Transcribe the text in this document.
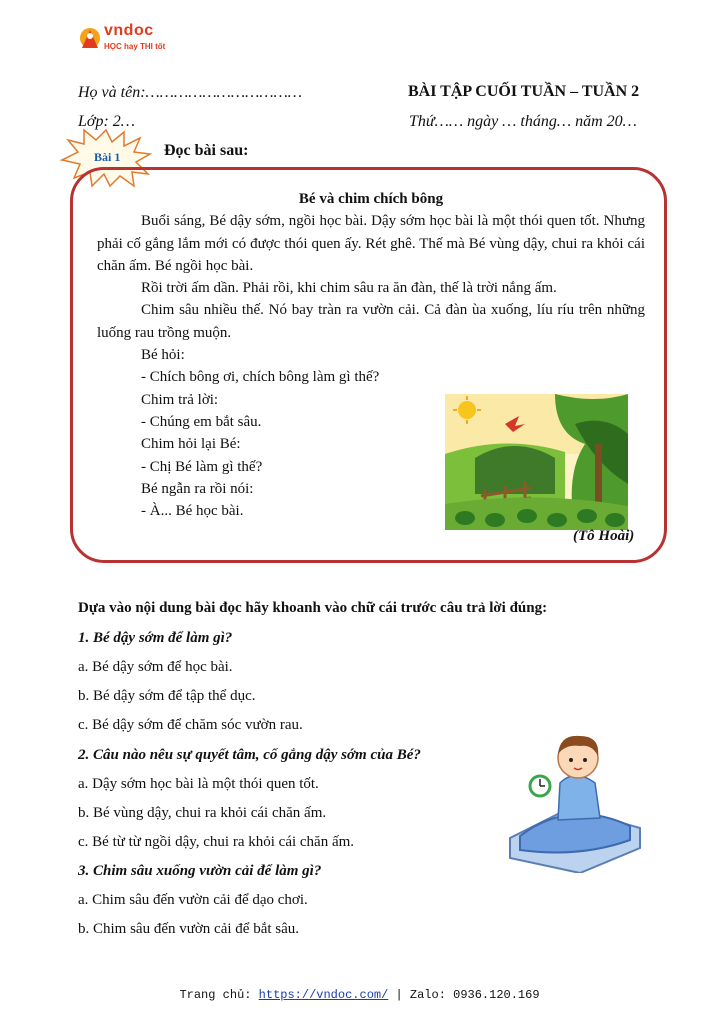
vndoc
HỌC hay THI tốt
Họ và tên:……………………………	BÀI TẬP CUỐI TUẦN – TUẦN 2
Lớp: 2…	Thứ…… ngày … tháng… năm 20…
Bài 1	Đọc bài sau:

Bé và chim chích bông

Buổi sáng, Bé dậy sớm, ngồi học bài. Dậy sớm học bài là một thói quen tốt. Nhưng phải cố gắng lắm mới có được thói quen ấy. Rét ghê. Thế mà Bé vùng dậy, chui ra khỏi cái chăn ấm. Bé ngồi học bài.

Rồi trời ấm dần. Phải rồi, khi chim sâu ra ăn đàn, thế là trời nắng ấm.

Chim sâu nhiều thế. Nó bay tràn ra vườn cải. Cả đàn ùa xuống, líu ríu trên những luống rau trồng muộn.

Bé hỏi:

- Chích bông ơi, chích bông làm gì thế?

Chim trả lời:

- Chúng em bắt sâu.

Chim hỏi lại Bé:

- Chị Bé làm gì thế?

Bé ngẫn ra rồi nói:

- À... Bé học bài.

(Tô Hoài)
Dựa vào nội dung bài đọc hãy khoanh vào chữ cái trước câu trả lời đúng:
1. Bé dậy sớm để làm gì?
a. Bé dậy sớm để học bài.
b. Bé dậy sớm để tập thể dục.
c. Bé dậy sớm để chăm sóc vườn rau.
2. Câu nào nêu sự quyết tâm, cố gắng dậy sớm của Bé?
a. Dậy sớm học bài là một thói quen tốt.
b. Bé vùng dậy, chui ra khỏi cái chăn ấm.
c. Bé từ từ ngồi dậy, chui ra khỏi cái chăn ấm.
3. Chim sâu xuống vườn cải để làm gì?
a. Chim sâu đến vườn cải để dạo chơi.
b. Chim sâu đến vườn cải để bắt sâu.
Trang chủ: https://vndoc.com/ | Zalo: 0936.120.169
